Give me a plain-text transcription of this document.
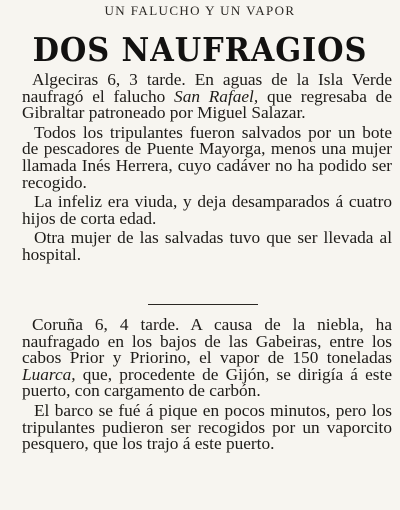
UN FALUCHO Y UN VAPOR
DOS NAUFRAGIOS

Algeciras 6, 3 tarde. En aguas de la Isla Verde naufragó el falucho San Rafael, que regresaba de Gibraltar patroneado por Miguel Salazar.

Todos los tripulantes fueron salvados por un bote de pescadores de Puente Mayorga, menos una mujer llamada Inés Herrera, cuyo cadáver no ha podido ser recogido.

La infeliz era viuda, y deja desamparados á cuatro hijos de corta edad.

Otra mujer de las salvadas tuvo que ser llevada al hospital.

Coruña 6, 4 tarde. A causa de la niebla, ha naufragado en los bajos de las Gabeiras, entre los cabos Prior y Priorino, el vapor de 150 toneladas Luarca, que, procedente de Gijón, se dirigía á este puerto, con cargamento de carbón.

El barco se fué á pique en pocos minutos, pero los tripulantes pudieron ser recogidos por un vaporcito pesquero, que los trajo á este puerto.
